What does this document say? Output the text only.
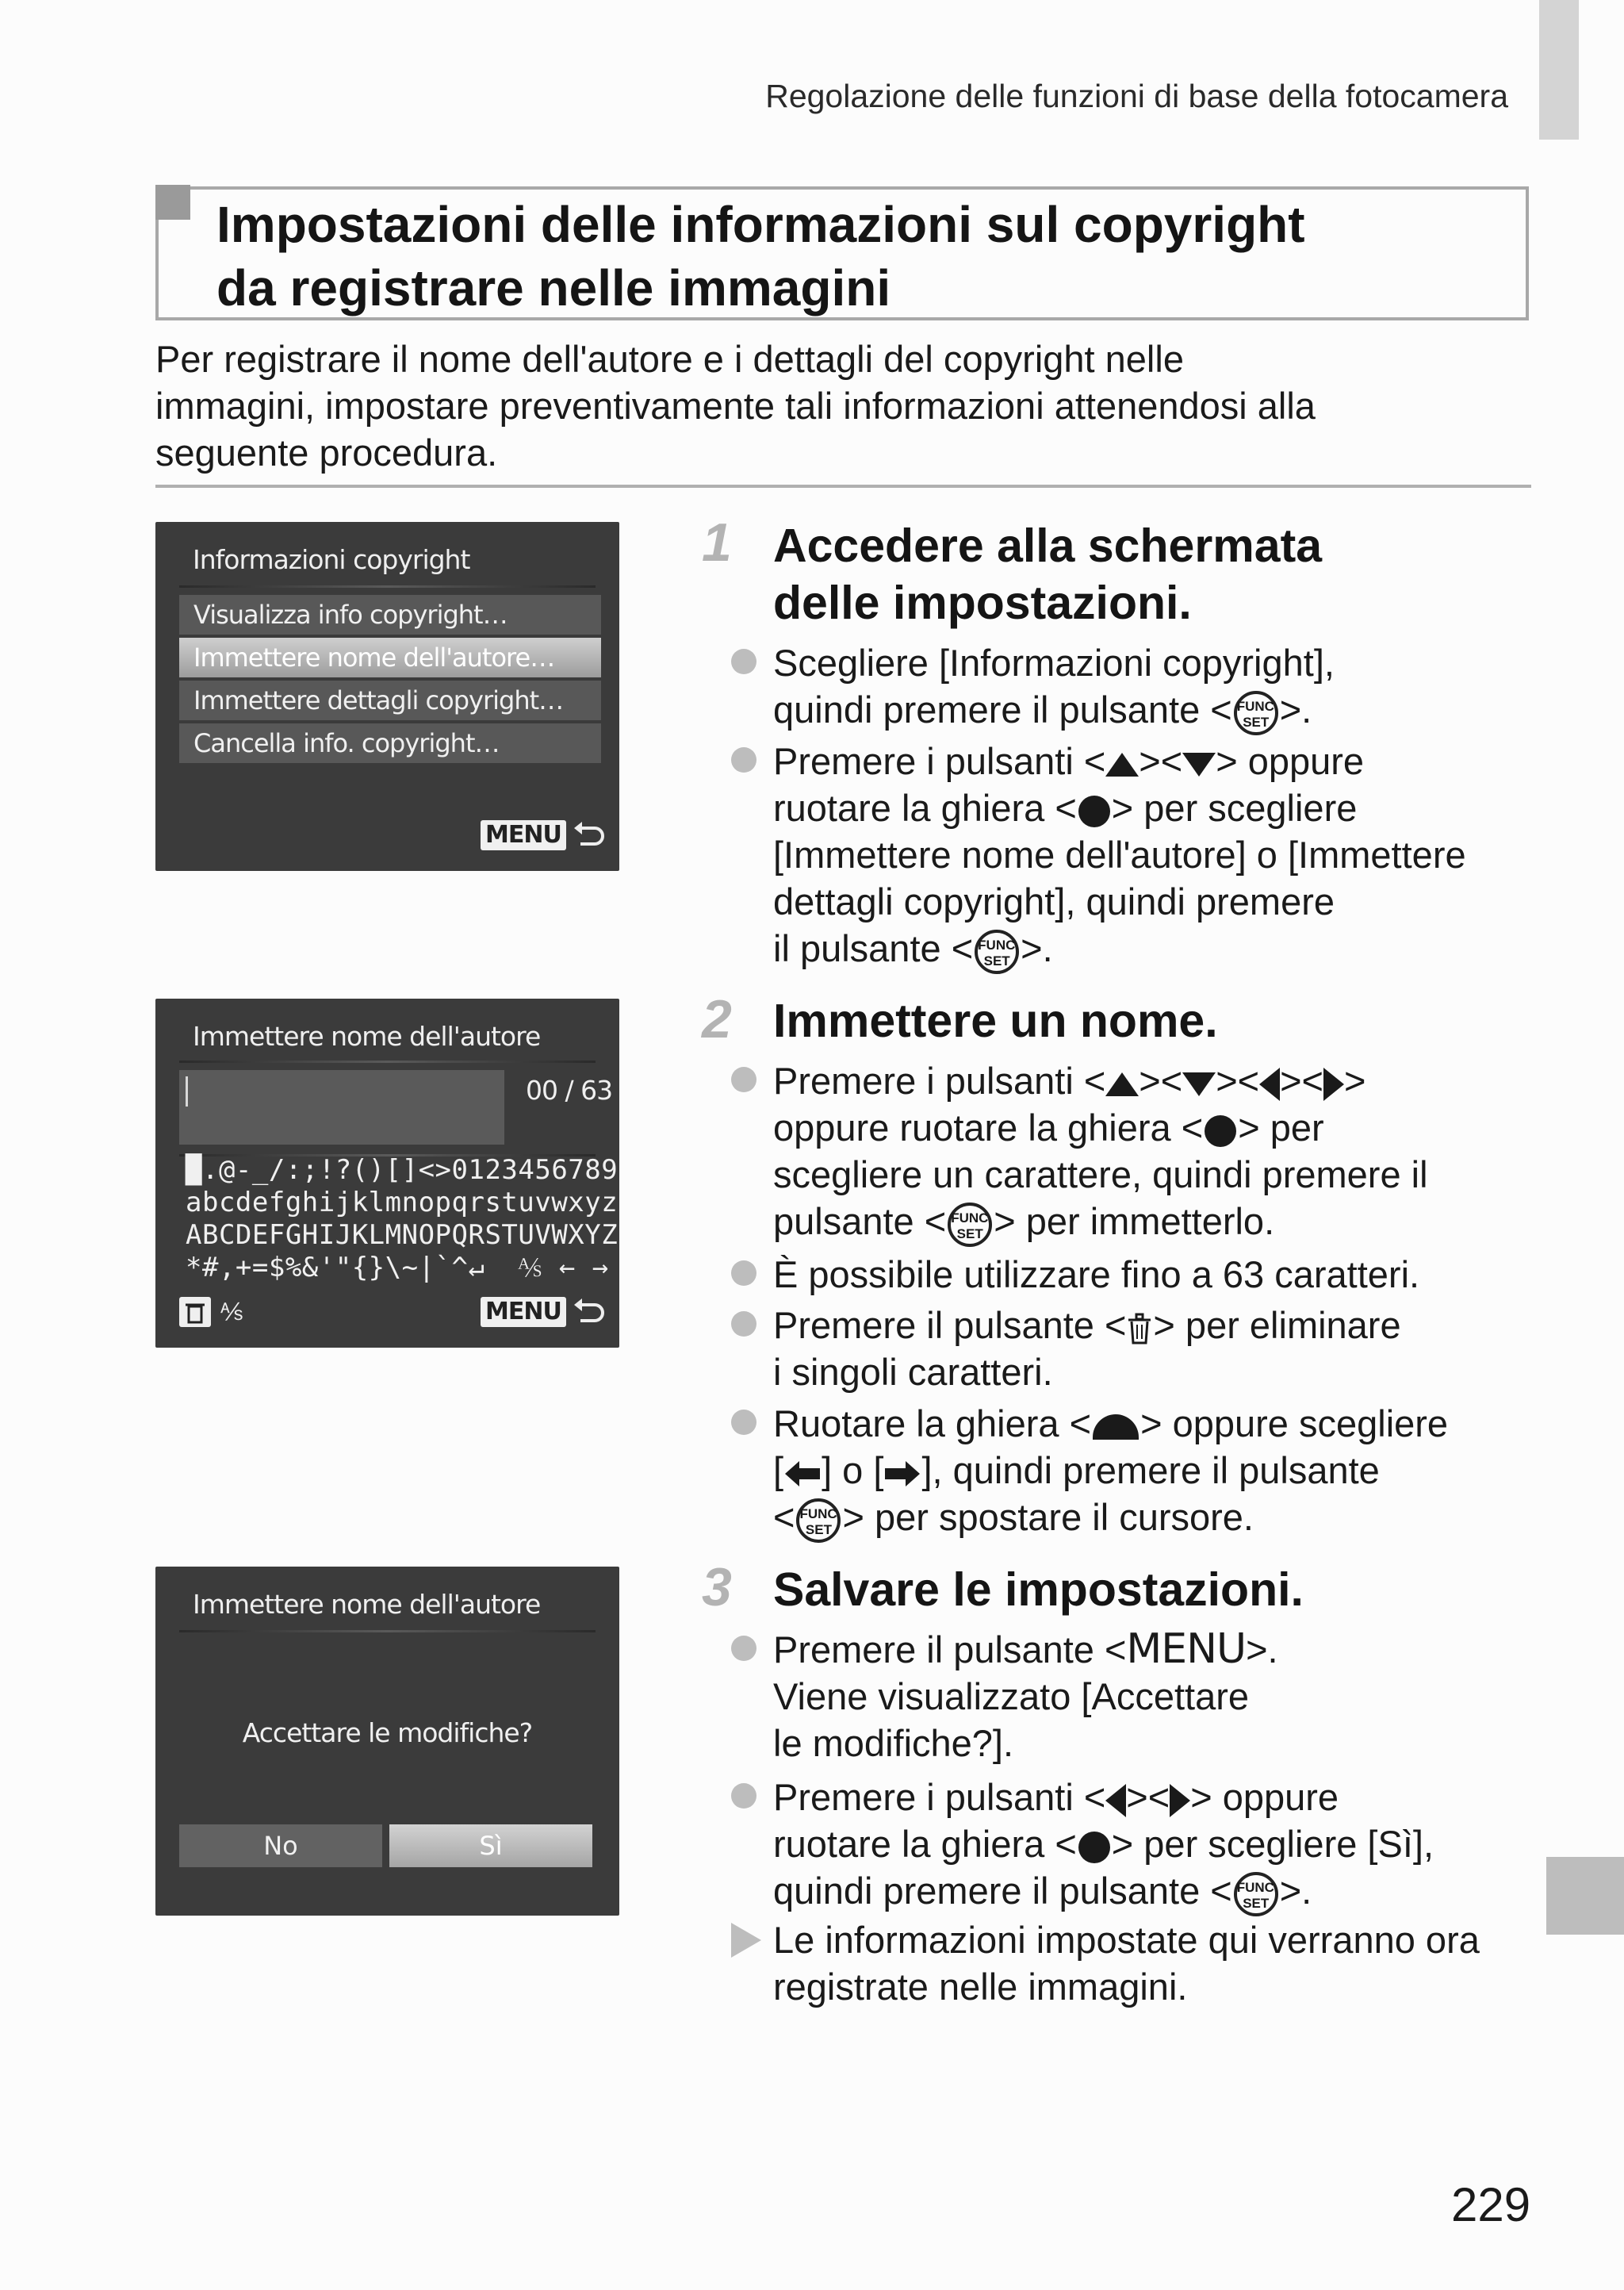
Regolazione delle funzioni di base della fotocamera
Impostazioni delle informazioni sul copyright
da registrare nelle immagini
Per registrare il nome dell'autore e i dettagli del copyright nelle
immagini, impostare preventivamente tali informazioni attenendosi alla
seguente procedura.
Informazioni copyright
Visualizza info copyright…
Immettere nome dell'autore…
Immettere dettagli copyright…
Cancella info. copyright…
MENU
Immettere nome dell'autore
00 / 63
█.@-_/:;!?()[]<>0123456789
abcdefghijklmnopqrstuvwxyz
ABCDEFGHIJKLMNOPQRSTUVWXYZ
*#,+=$%&'"{}\~|`^↵  ⅍ ← →
⅍	MENU
Immettere nome dell'autore
Accettare le modifiche?
No	Sì
1 Accedere alla schermata
delle impostazioni.
Scegliere [Informazioni copyright],
quindi premere il pulsante < FUNC.
SET >.
Premere i pulsanti < >< > oppure
ruotare la ghiera < > per scegliere
[Immettere nome dell'autore] o [Immettere
dettagli copyright], quindi premere
il pulsante < FUNC.
SET >.
2 Immettere un nome.
Premere i pulsanti < >< >< >< >
oppure ruotare la ghiera < > per
scegliere un carattere, quindi premere il
pulsante < FUNC.
SET > per immetterlo.
È possibile utilizzare fino a 63 caratteri.
Premere il pulsante < > per eliminare
i singoli caratteri.
Ruotare la ghiera < > oppure scegliere
[ ] o [ ], quindi premere il pulsante
< FUNC.
SET > per spostare il cursore.
3 Salvare le impostazioni.
Premere il pulsante <MENU>.
Viene visualizzato [Accettare
le modifiche?].
Premere i pulsanti < >< > oppure
ruotare la ghiera < > per scegliere [Sì],
quindi premere il pulsante < FUNC.
SET >.
Le informazioni impostate qui verranno ora
registrate nelle immagini.
229
